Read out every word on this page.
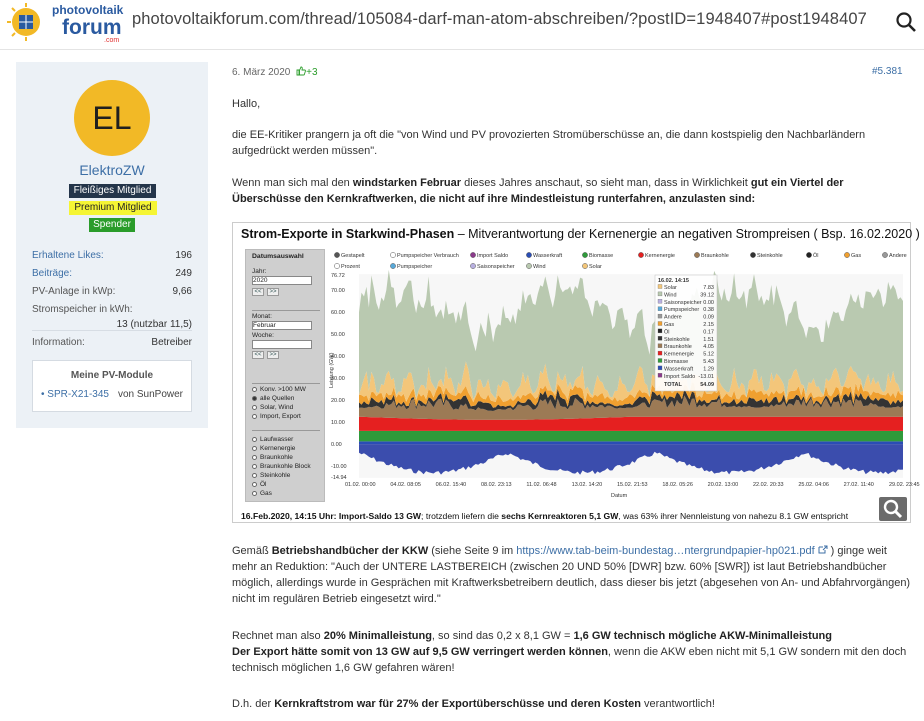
photovoltaik
forum
.com
photovoltaikforum.com/thread/105084-darf-man-atom-abschreiben/?postID=1948407#post1948407
EL
ElektroZW
Fleißiges Mitglied
Premium Mitglied
Spender
Erhaltene Likes:	196
Beiträge:	249
PV-Anlage in kWp:	9,66
Stromspeicher in kWh:
13 (nutzbar 11,5)
Information:	Betreiber
Meine PV-Module
• SPR-X21-345 von SunPower
6. März 2020 +3	#5.381
Hallo,
die EE-Kritiker prangern ja oft die "von Wind und PV provozierten Stromüberschüsse an, die dann kostspielig den Nachbarländern aufgedrückt werden müssen".
Wenn man sich mal den windstarken Februar dieses Jahres anschaut, so sieht man, dass in Wirklichkeit gut ein Viertel der Überschüsse den Kernkraftwerken, die nicht auf ihre Mindestleistung runterfahren, anzulasten sind:
Strom-Exporte in Starkwind-Phasen – Mitverantwortung der Kernenergie an negativen Strompreisen ( Bsp. 16.02.2020 )
Datumsauswahl
Jahr:
2020
<<	>>
Monat:
Februar
Woche:
<<	>>
Konv. >100 MW
alle Quellen
Solar, Wind
Import, Export
Laufwasser
Kernenergie
Braunkohle
Braunkohle Block
Steinkohle
Öl
Gas
Gestapelt	Pumpspeicher Verbrauch	Import Saldo	Wasserkraft	Biomasse	Kernenergie	Braunkohle	Steinkohle	Öl	Gas	Andere
Prozent	Pumpspeicher	Saisonspeicher	Wind	Solar
76.72
70.00
60.00
50.00
40.00
30.00
20.00
10.00
0.00
-10.00
-14.94
Leistung (GW)
01.02. 00:00	04.02. 08:05	06.02. 15:40	08.02. 23:13	11.02. 06:48	13.02. 14:20	15.02. 21:53	18.02. 05:26	20.02. 13:00	22.02. 20:33	25.02. 04:06	27.02. 11:40	29.02. 23:45
Datum
16.02. 14:15
Solar	7.83
Wind	39.12
Saisonspeicher 0.00
Pumpspeicher 0.38
Andere	0.09
Gas	2.15
Öl	0.17
Steinkohle 1.51
Braunkohle 4.05
Kernenergie 5.12
Biomasse	5.43
Wasserkraft 1.29
Import Saldo -13.01
TOTAL	54.09
16.Feb.2020, 14:15 Uhr: Import-Saldo 13 GW; trotzdem liefern die sechs Kernreaktoren 5,1 GW, was 63% ihrer Nennleistung von nahezu 8.1 GW entspricht
Gemäß Betriebshandbücher der KKW (siehe Seite 9 im https://www.tab-beim-bundestag…ntergrundpapier-hp021.pdf ) ginge weit mehr an Reduktion: "Auch der UNTERE LASTBEREICH (zwischen 20 UND 50% [DWR] bzw. 60% [SWR]) ist laut Betriebshandbücher möglich, allerdings wurde in Gesprächen mit Kraftwerksbetreibern deutlich, dass dieser bis jetzt (abgesehen von An- und Abfahrvorgängen) nicht im regulären Betrieb eingesetzt wird."
Rechnet man also 20% Minimalleistung, so sind das 0,2 x 8,1 GW = 1,6 GW technisch mögliche AKW-Minimalleistung
Der Export hätte somit von 13 GW auf 9,5 GW verringert werden können, wenn die AKW eben nicht mit 5,1 GW sondern mit den doch technisch möglichen 1,6 GW gefahren wären!
D.h. der Kernkraftstrom war für 27% der Exportüberschüsse und deren Kosten verantwortlich!
